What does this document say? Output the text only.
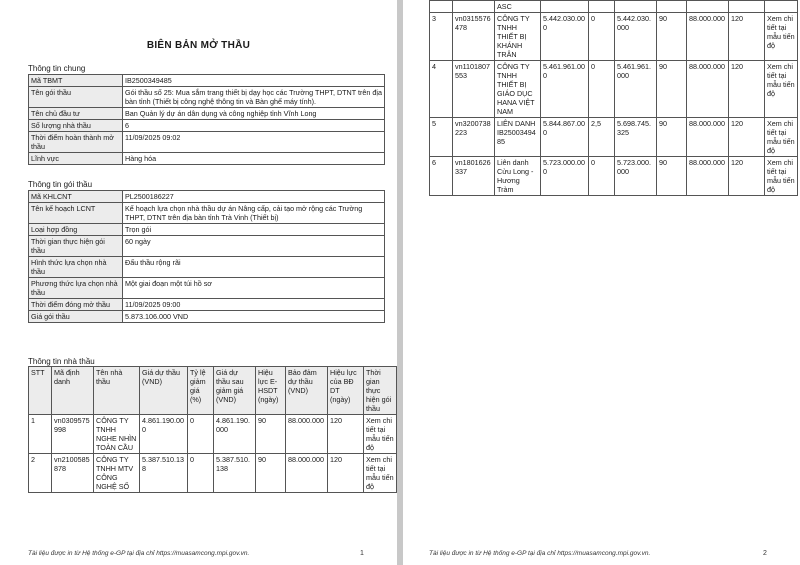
BIÊN BẢN MỞ THẦU
Thông tin chung
Mã TBMT	IB2500349485
Tên gói thầu	Gói thầu số 25: Mua sắm trang thiết bị dạy học các Trường THPT, DTNT trên địa bàn tỉnh (Thiết bị công nghệ thông tin và Bàn ghế máy tính).
Tên chủ đầu tư	Ban Quản lý dự án dân dụng và công nghiệp tỉnh Vĩnh Long
Số lượng nhà thầu	6
Thời điểm hoàn thành mở thầu	11/09/2025 09:02
Lĩnh vực	Hàng hóa
Thông tin gói thầu
Mã KHLCNT	PL2500186227
Tên kế hoạch LCNT	Kế hoạch lựa chọn nhà thầu dự án Nâng cấp, cải tạo mở rộng các Trường THPT, DTNT trên địa bàn tỉnh Trà Vinh (Thiết bị)
Loại hợp đồng	Trọn gói
Thời gian thực hiện gói thầu	60 ngày
Hình thức lựa chọn nhà thầu	Đấu thầu rộng rãi
Phương thức lựa chọn nhà thầu	Một giai đoạn một túi hồ sơ
Thời điểm đóng mở thầu	11/09/2025 09:00
Giá gói thầu	5.873.106.000 VND
Thông tin nhà thầu
STT	Mã định danh	Tên nhà thầu	Giá dự thầu (VND)	Tỷ lệ giảm giá (%)	Giá dự thầu sau giảm giá (VND)	Hiệu lực E-HSDT (ngày)	Bảo đảm dự thầu (VND)	Hiệu lực của BĐ DT (ngày)	Thời gian thực hiện gói thầu
1	vn0309575998	CÔNG TY TNHH NGHE NHÌN TOÀN CẦU	4.861.190.000	0	4.861.190.000	90	88.000.000	120	Xem chi tiết tại mẫu tiến độ
2	vn2100585878	CÔNG TY TNHH MTV CÔNG NGHỆ SỐ	5.387.510.138	0	5.387.510.138	90	88.000.000	120	Xem chi tiết tại mẫu tiến độ
Tài liệu được in từ Hệ thống e-GP tại địa chỉ https://muasamcong.mpi.gov.vn.	1
		ASC							
3	vn0315576478	CÔNG TY TNHH THIẾT BỊ KHÁNH TRÂN	5.442.030.000	0	5.442.030.000	90	88.000.000	120	Xem chi tiết tại mẫu tiến độ
4	vn1101807553	CÔNG TY TNHH THIẾT BỊ GIÁO DỤC HANA VIỆT NAM	5.461.961.000	0	5.461.961.000	90	88.000.000	120	Xem chi tiết tại mẫu tiến độ
5	vn3200738223	LIÊN DANH IB2500349485	5.844.867.000	2,5	5.698.745.325	90	88.000.000	120	Xem chi tiết tại mẫu tiến độ
6	vn1801626337	Liên danh Cửu Long - Hương Tràm	5.723.000.000	0	5.723.000.000	90	88.000.000	120	Xem chi tiết tại mẫu tiến độ
Tài liệu được in từ Hệ thống e-GP tại địa chỉ https://muasamcong.mpi.gov.vn.	2
